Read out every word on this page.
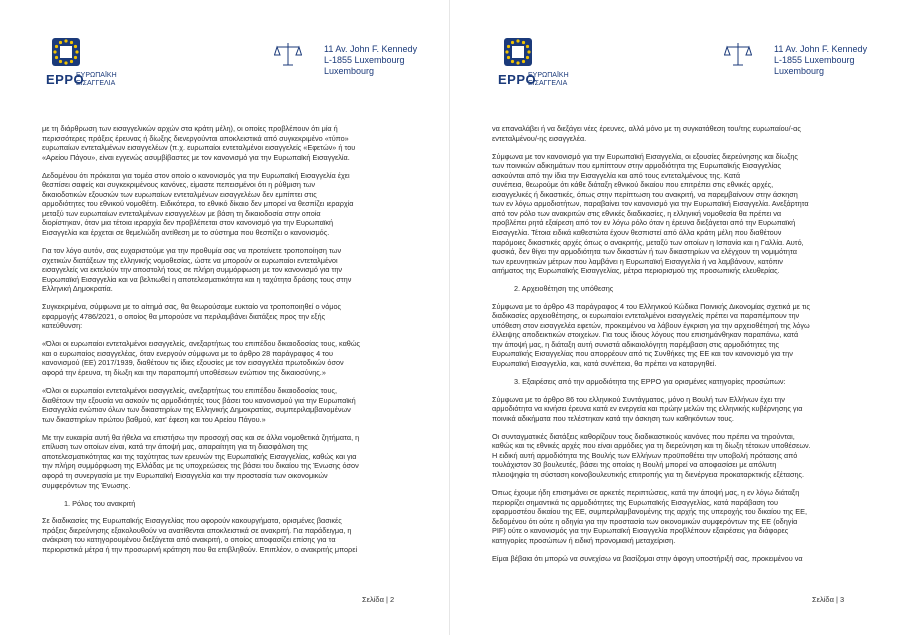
EPPO
ΕΥΡΩΠΑΪΚΗ
ΕΙΣΑΓΓΕΛΙΑ
11 Av. John F. Kennedy
L-1855 Luxembourg
Luxembourg

με τη διάρθρωση των εισαγγελικών αρχών στα κράτη μέλη), οι οποίες προβλέπουν ότι μία ή
περισσότερες πράξεις έρευνας ή δίωξης διενεργούνται αποκλειστικά από συγκεκριμένο «τύπο»
ευρωπαίων εντεταλμένων εισαγγελέων (π.χ. ευρωπαίοι εντεταλμένοι εισαγγελείς «Εφετών» ή του
«Αρείου Πάγου», είναι εγγενώς ασυμβίβαστες με τον κανονισμό για την Ευρωπαϊκή Εισαγγελία.

Δεδομένου ότι πρόκειται για τομέα στον οποίο ο κανονισμός για την Ευρωπαϊκή Εισαγγελία έχει
θεσπίσει σαφείς και συγκεκριμένους κανόνες, είμαστε πεπεισμένοι ότι η ρύθμιση των
δικαιοδοτικών εξουσιών των ευρωπαίων εντεταλμένων εισαγγελέων δεν εμπίπτει στις
αρμοδιότητες του εθνικού νομοθέτη. Ειδικότερα, το εθνικό δίκαιο δεν μπορεί να θεσπίζει ιεραρχία
μεταξύ των ευρωπαίων εντεταλμένων εισαγγελέων με βάση τη δικαιοδοσία στην οποία
διορίστηκαν, όταν μια τέτοια ιεραρχία δεν προβλέπεται στον κανονισμό για την Ευρωπαϊκή
Εισαγγελία και έρχεται σε θεμελιώδη αντίθεση με το σύστημα που θεσπίζει ο κανονισμός.

Για τον λόγο αυτόν, σας ευχαριστούμε για την προθυμία σας να προτείνετε τροποποίηση των
σχετικών διατάξεων της ελληνικής νομοθεσίας, ώστε να μπορούν οι ευρωπαίοι εντεταλμένοι
εισαγγελείς να εκτελούν την αποστολή τους σε πλήρη συμμόρφωση με τον κανονισμό για την
Ευρωπαϊκή Εισαγγελία και να βελτιωθεί η αποτελεσματικότητα και η ταχύτητα δράσης τους στην
Ελληνική Δημοκρατία.

Συγκεκριμένα, σύμφωνα με το αίτημά σας, θα θεωρούσαμε ευκταίο να τροποποιηθεί ο νόμος
εφαρμογής 4786/2021, ο οποίος θα μπορούσε να περιλαμβάνει διατάξεις προς την εξής
κατεύθυνση:

«Όλοι οι ευρωπαίοι εντεταλμένοι εισαγγελείς, ανεξαρτήτως του επιπέδου δικαιοδοσίας τους, καθώς
και ο ευρωπαίος εισαγγελέας, όταν ενεργούν σύμφωνα με το άρθρο 28 παράγραφος 4 του
κανονισμού (ΕΕ) 2017/1939, διαθέτουν τις ίδιες εξουσίες με τον εισαγγελέα πρωτοδικών όσον
αφορά την έρευνα, τη δίωξη και την παραπομπή υποθέσεων ενώπιον της δικαιοσύνης.»

«Όλοι οι ευρωπαίοι εντεταλμένοι εισαγγελείς, ανεξαρτήτως του επιπέδου δικαιοδοσίας τους,
διαθέτουν την εξουσία να ασκούν τις αρμοδιότητές τους βάσει του κανονισμού για την Ευρωπαϊκή
Εισαγγελία ενώπιον όλων των δικαστηρίων της Ελληνικής Δημοκρατίας, συμπεριλαμβανομένων
των δικαστηρίων πρώτου βαθμού, κατ' έφεση και του Αρείου Πάγου.»

Με την ευκαιρία αυτή θα ήθελα να επιστήσω την προσοχή σας και σε άλλα νομοθετικά ζητήματα, η
επίλυση των οποίων είναι, κατά την άποψή μας, απαραίτητη για τη διασφάλιση της
αποτελεσματικότητας και της ταχύτητας των ερευνών της Ευρωπαϊκής Εισαγγελίας, καθώς και για
την πλήρη συμμόρφωση της Ελλάδας με τις υποχρεώσεις της βάσει του δικαίου της Ένωσης όσον
αφορά τη συνεργασία με την Ευρωπαϊκή Εισαγγελία και την προστασία των οικονομικών
συμφερόντων της Ένωσης.

1. Ρόλος του ανακριτή

Σε διαδικασίες της Ευρωπαϊκής Εισαγγελίας που αφορούν κακουργήματα, ορισμένες βασικές
πράξεις διερεύνησης εξακολουθούν να ανατίθενται αποκλειστικά σε ανακριτή. Για παράδειγμα, η
ανάκριση του κατηγορουμένου διεξάγεται από ανακριτή, ο οποίος αποφασίζει επίσης για τα
περιοριστικά μέτρα ή την προσωρινή κράτηση που θα επιβληθούν. Επιπλέον, ο ανακριτής μπορεί

Σελίδα | 2
EPPO
ΕΥΡΩΠΑΪΚΗ
ΕΙΣΑΓΓΕΛΙΑ
11 Av. John F. Kennedy
L-1855 Luxembourg
Luxembourg

να επαναλάβει ή να διεξάγει νέες έρευνες, αλλά μόνο με τη συγκατάθεση του/της ευρωπαίου/-ας
εντεταλμένου/-ης εισαγγελέα.

Σύμφωνα με τον κανονισμό για την Ευρωπαϊκή Εισαγγελία, οι εξουσίες διερεύνησης και δίωξης
των ποινικών αδικημάτων που εμπίπτουν στην αρμοδιότητα της Ευρωπαϊκής Εισαγγελίας
ασκούνται από την ίδια την Εισαγγελία και από τους εντεταλμένους της. Κατά
συνέπεια, θεωρούμε ότι κάθε διάταξη εθνικού δικαίου που επιτρέπει στις εθνικές αρχές,
εισαγγελικές ή δικαστικές, όπως στην περίπτωση του ανακριτή, να παρεμβαίνουν στην άσκηση
των εν λόγω αρμοδιοτήτων, παραβαίνει τον κανονισμό για την Ευρωπαϊκή Εισαγγελία. Ανεξάρτητα
από τον ρόλο των ανακριτών στις εθνικές διαδικασίες, η ελληνική νομοθεσία θα πρέπει να
προβλέπει ρητά εξαίρεση από τον εν λόγω ρόλο όταν η έρευνα διεξάγεται από την Ευρωπαϊκή
Εισαγγελία. Τέτοια ειδικά καθεστώτα έχουν θεσπιστεί από άλλα κράτη μέλη που διαθέτουν
παρόμοιες δικαστικές αρχές όπως ο ανακριτής, μεταξύ των οποίων η Ισπανία και η Γαλλία. Αυτό,
φυσικά, δεν θίγει την αρμοδιότητα των δικαστών ή των δικαστηρίων να ελέγχουν τη νομιμότητα
των ερευνητικών μέτρων που λαμβάνει η Ευρωπαϊκή Εισαγγελία ή να λαμβάνουν, κατόπιν
αιτήματος της Ευρωπαϊκής Εισαγγελίας, μέτρα περιορισμού της προσωπικής ελευθερίας.

2. Αρχειοθέτηση της υπόθεσης

Σύμφωνα με το άρθρο 43 παράγραφος 4 του Ελληνικού Κώδικα Ποινικής Δικονομίας σχετικά με τις
διαδικασίες αρχειοθέτησης, οι ευρωπαίοι εντεταλμένοι εισαγγελείς πρέπει να παραπέμπουν την
υπόθεση στον εισαγγελέα εφετών, προκειμένου να λάβουν έγκριση για την αρχειοθέτησή της λόγω
έλλειψης αποδεικτικών στοιχείων. Για τους ίδιους λόγους που επισημάνθηκαν παραπάνω, κατά
την άποψή μας, η διάταξη αυτή συνιστά αδικαιολόγητη παρέμβαση στις αρμοδιότητες της
Ευρωπαϊκής Εισαγγελίας που απορρέουν από τις Συνθήκες της ΕΕ και τον κανονισμό για την
Ευρωπαϊκή Εισαγγελία, και, κατά συνέπεια, θα πρέπει να καταργηθεί.

3. Εξαιρέσεις από την αρμοδιότητα της EPPO για ορισμένες κατηγορίες προσώπων:

Σύμφωνα με το άρθρο 86 του ελληνικού Συντάγματος, μόνο η Βουλή των Ελλήνων έχει την
αρμοδιότητα να κινήσει έρευνα κατά εν ενεργεία και πρώην μελών της ελληνικής κυβέρνησης για
ποινικά αδικήματα που τελέστηκαν κατά την άσκηση των καθηκόντων τους.

Οι συνταγματικές διατάξεις καθορίζουν τους διαδικαστικούς κανόνες που πρέπει να τηρούνται,
καθώς και τις εθνικές αρχές που είναι αρμόδιες για τη διερεύνηση και τη δίωξη τέτοιων υποθέσεων.
Η ειδική αυτή αρμοδιότητα της Βουλής των Ελλήνων προϋποθέτει την υποβολή πρότασης από
τουλάχιστον 30 βουλευτές, βάσει της οποίας η Βουλή μπορεί να αποφασίσει με απόλυτη
πλειοψηφία τη σύσταση κοινοβουλευτικής επιτροπής για τη διενέργεια προκαταρκτικής εξέτασης.

Όπως έχουμε ήδη επισημάνει σε αρκετές περιπτώσεις, κατά την άποψή μας, η εν λόγω διάταξη
περιορίζει σημαντικά τις αρμοδιότητες της Ευρωπαϊκής Εισαγγελίας, κατά παράβαση του
εφαρμοστέου δικαίου της ΕΕ, συμπεριλαμβανομένης της αρχής της υπεροχής του δικαίου της ΕΕ,
δεδομένου ότι ούτε η οδηγία για την προστασία των οικονομικών συμφερόντων της ΕΕ (οδηγία
PIF) ούτε ο κανονισμός για την Ευρωπαϊκή Εισαγγελία προβλέπουν εξαιρέσεις για διάφορες
κατηγορίες προσώπων ή ειδική προνομιακή μεταχείριση.

Είμαι βέβαια ότι μπορώ να συνεχίσω να βασίζομαι στην άφογη υποστήριξή σας, προκειμένου να

Σελίδα | 3
